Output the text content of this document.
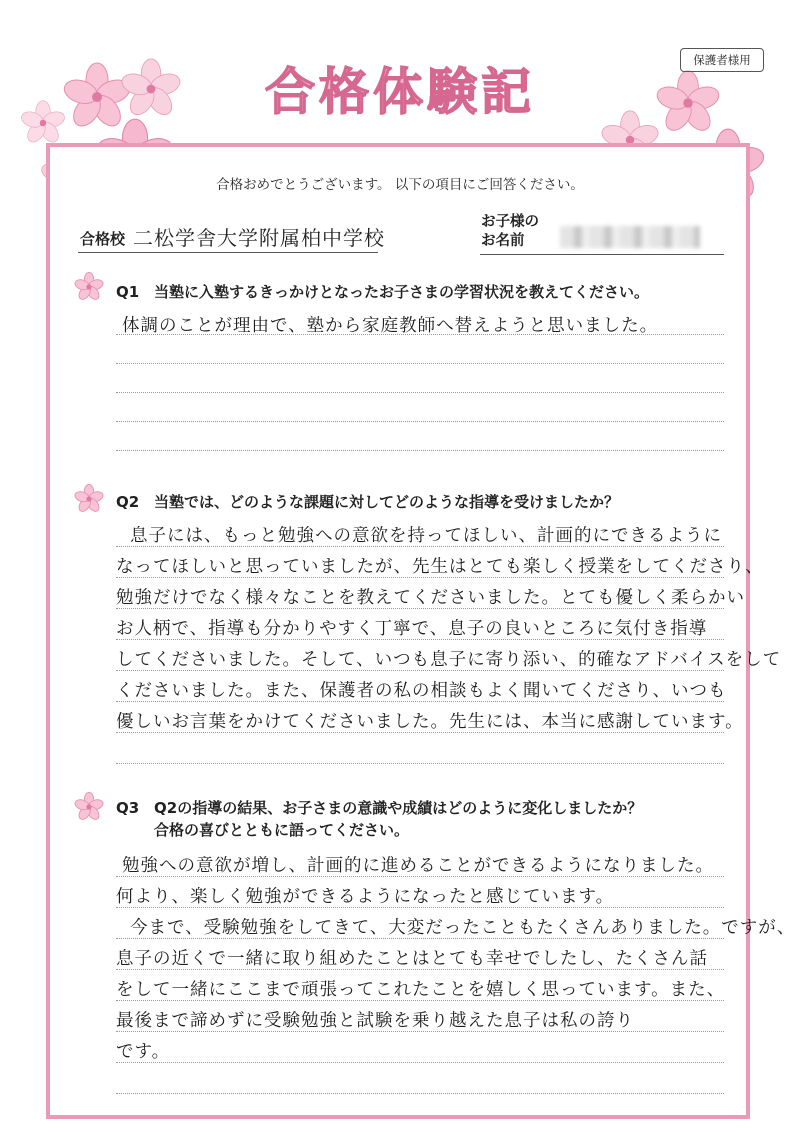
合格体験記
保護者様用
合格おめでとうございます。 以下の項目にご回答ください。
合格校 二松学舎大学附属柏中学校
お子様の
お名前
Q1 当塾に入塾するきっかけとなったお子さまの学習状況を教えてください。
体調のことが理由で、塾から家庭教師へ替えようと思いました。
Q2 当塾では、どのような課題に対してどのような指導を受けましたか？
息子には、もっと勉強への意欲を持ってほしい、計画的にできるように
なってほしいと思っていましたが、先生はとても楽しく授業をしてくださり、
勉強だけでなく様々なことを教えてくださいました。とても優しく柔らかい
お人柄で、指導も分かりやすく丁寧で、息子の良いところに気付き指導
してくださいました。そして、いつも息子に寄り添い、的確なアドバイスをして
くださいました。また、保護者の私の相談もよく聞いてくださり、いつも
優しいお言葉をかけてくださいました。先生には、本当に感謝しています。
Q3 Q2の指導の結果、お子さまの意識や成績はどのように変化しましたか？
合格の喜びとともに語ってください。
勉強への意欲が増し、計画的に進めることができるようになりました。
何より、楽しく勉強ができるようになったと感じています。
今まで、受験勉強をしてきて、大変だったこともたくさんありました。ですが、
息子の近くで一緒に取り組めたことはとても幸せでしたし、たくさん話
をして一緒にここまで頑張ってこれたことを嬉しく思っています。また、
最後まで諦めずに受験勉強と試験を乗り越えた息子は私の誇り
です。
